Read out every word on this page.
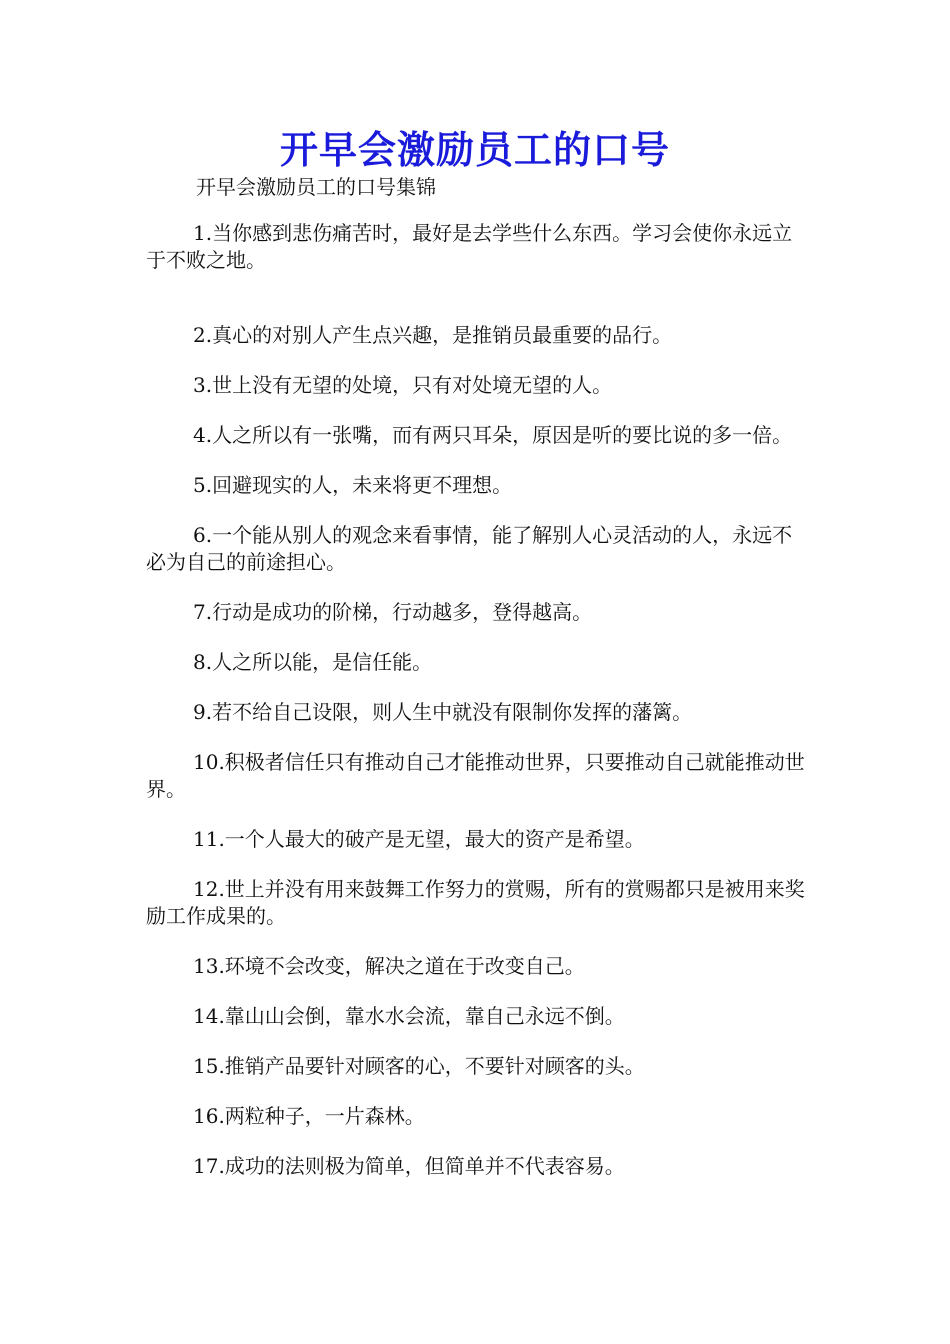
开早会激励员工的口号
开早会激励员工的口号集锦
1.当你感到悲伤痛苦时，最好是去学些什么东西。学习会使你永远立于不败之地。
2.真心的对别人产生点兴趣，是推销员最重要的品行。
3.世上没有无望的处境，只有对处境无望的人。
4.人之所以有一张嘴，而有两只耳朵，原因是听的要比说的多一倍。
5.回避现实的人，未来将更不理想。
6.一个能从别人的观念来看事情，能了解别人心灵活动的人，永远不必为自己的前途担心。
7.行动是成功的阶梯，行动越多，登得越高。
8.人之所以能，是信任能。
9.若不给自己设限，则人生中就没有限制你发挥的藩篱。
10.积极者信任只有推动自己才能推动世界，只要推动自己就能推动世界。
11.一个人最大的破产是无望，最大的资产是希望。
12.世上并没有用来鼓舞工作努力的赏赐，所有的赏赐都只是被用来奖励工作成果的。
13.环境不会改变，解决之道在于改变自己。
14.靠山山会倒，靠水水会流，靠自己永远不倒。
15.推销产品要针对顾客的心，不要针对顾客的头。
16.两粒种子，一片森林。
17.成功的法则极为简单，但简单并不代表容易。
